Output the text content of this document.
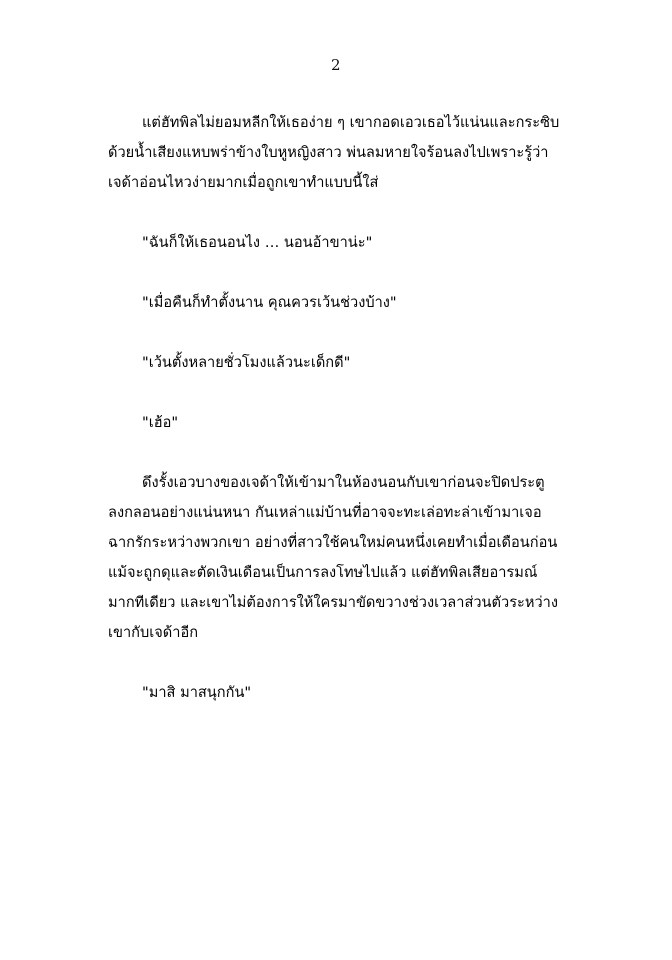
2

แต่ฮัทพิลไม่ยอมหลีกให้เธอง่าย ๆ เขากอดเอวเธอไว้แน่นและกระซิบด้วยน้ำเสียงแหบพร่าข้างใบหูหญิงสาว พ่นลมหายใจร้อนลงไปเพราะรู้ว่าเจด้าอ่อนไหวง่ายมากเมื่อถูกเขาทำแบบนี้ใส่

"ฉันก็ให้เธอนอนไง … นอนอ้าขาน่ะ"

"เมื่อคืนก็ทำตั้งนาน คุณควรเว้นช่วงบ้าง"

"เว้นตั้งหลายชั่วโมงแล้วนะเด็กดี"

"เฮ้อ"

ดึงรั้งเอวบางของเจด้าให้เข้ามาในห้องนอนกับเขาก่อนจะปิดประตูลงกลอนอย่างแน่นหนา กันเหล่าแม่บ้านที่อาจจะทะเล่อทะล่าเข้ามาเจอฉากรักระหว่างพวกเขา อย่างที่สาวใช้คนใหม่คนหนึ่งเคยทำเมื่อเดือนก่อน แม้จะถูกดุและตัดเงินเดือนเป็นการลงโทษไปแล้ว แต่ฮัทพิลเสียอารมณ์มากทีเดียว และเขาไม่ต้องการให้ใครมาขัดขวางช่วงเวลาส่วนตัวระหว่างเขากับเจด้าอีก

"มาสิ มาสนุกกัน"
